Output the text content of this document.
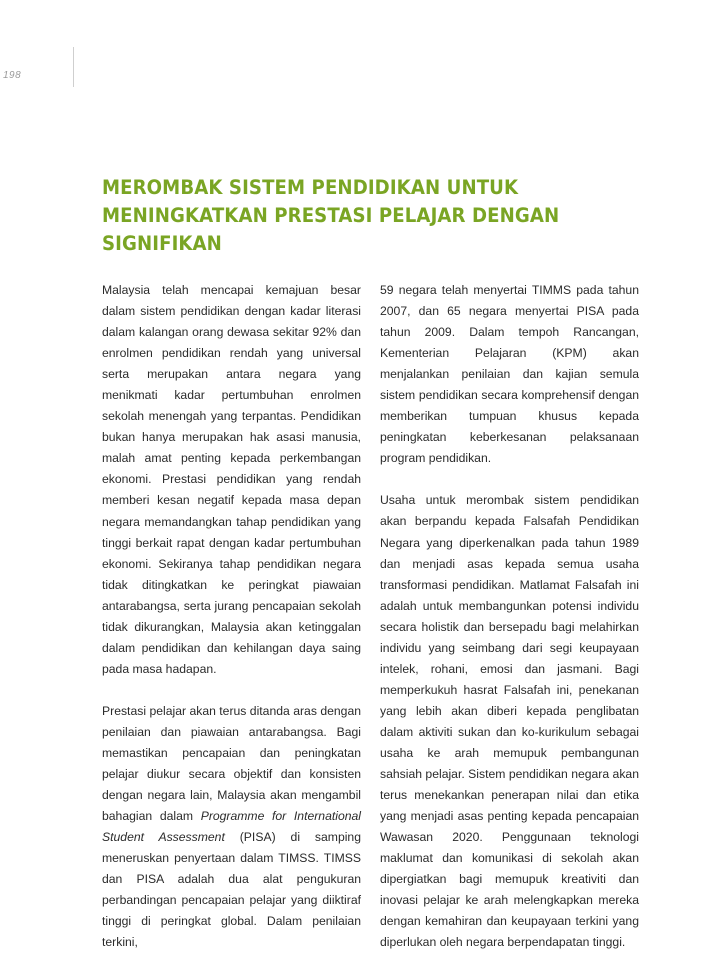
198
MEROMBAK SISTEM PENDIDIKAN UNTUK
MENINGKATKAN PRESTASI PELAJAR DENGAN
SIGNIFIKAN

Malaysia telah mencapai kemajuan besar dalam sistem pendidikan dengan kadar literasi dalam kalangan orang dewasa sekitar 92% dan enrolmen pendidikan rendah yang universal serta merupakan antara negara yang menikmati kadar pertumbuhan enrolmen sekolah menengah yang terpantas. Pendidikan bukan hanya merupakan hak asasi manusia, malah amat penting kepada perkembangan ekonomi. Prestasi pendidikan yang rendah memberi kesan negatif kepada masa depan negara memandangkan tahap pendidikan yang tinggi berkait rapat dengan kadar pertumbuhan ekonomi. Sekiranya tahap pendidikan negara tidak ditingkatkan ke peringkat piawaian antarabangsa, serta jurang pencapaian sekolah tidak dikurangkan, Malaysia akan ketinggalan dalam pendidikan dan kehilangan daya saing pada masa hadapan.

Prestasi pelajar akan terus ditanda aras dengan penilaian dan piawaian antarabangsa. Bagi memastikan pencapaian dan peningkatan pelajar diukur secara objektif dan konsisten dengan negara lain, Malaysia akan mengambil bahagian dalam Programme for International Student Assessment (PISA) di samping meneruskan penyertaan dalam TIMSS. TIMSS dan PISA adalah dua alat pengukuran perbandingan pencapaian pelajar yang diiktiraf tinggi di peringkat global. Dalam penilaian terkini,

59 negara telah menyertai TIMMS pada tahun 2007, dan 65 negara menyertai PISA pada tahun 2009. Dalam tempoh Rancangan, Kementerian Pelajaran (KPM) akan menjalankan penilaian dan kajian semula sistem pendidikan secara komprehensif dengan memberikan tumpuan khusus kepada peningkatan keberkesanan pelaksanaan program pendidikan.

Usaha untuk merombak sistem pendidikan akan berpandu kepada Falsafah Pendidikan Negara yang diperkenalkan pada tahun 1989 dan menjadi asas kepada semua usaha transformasi pendidikan. Matlamat Falsafah ini adalah untuk membangunkan potensi individu secara holistik dan bersepadu bagi melahirkan individu yang seimbang dari segi keupayaan intelek, rohani, emosi dan jasmani. Bagi memperkukuh hasrat Falsafah ini, penekanan yang lebih akan diberi kepada penglibatan dalam aktiviti sukan dan ko-kurikulum sebagai usaha ke arah memupuk pembangunan sahsiah pelajar. Sistem pendidikan negara akan terus menekankan penerapan nilai dan etika yang menjadi asas penting kepada pencapaian Wawasan 2020. Penggunaan teknologi maklumat dan komunikasi di sekolah akan dipergiatkan bagi memupuk kreativiti dan inovasi pelajar ke arah melengkapkan mereka dengan kemahiran dan keupayaan terkini yang diperlukan oleh negara berpendapatan tinggi.
